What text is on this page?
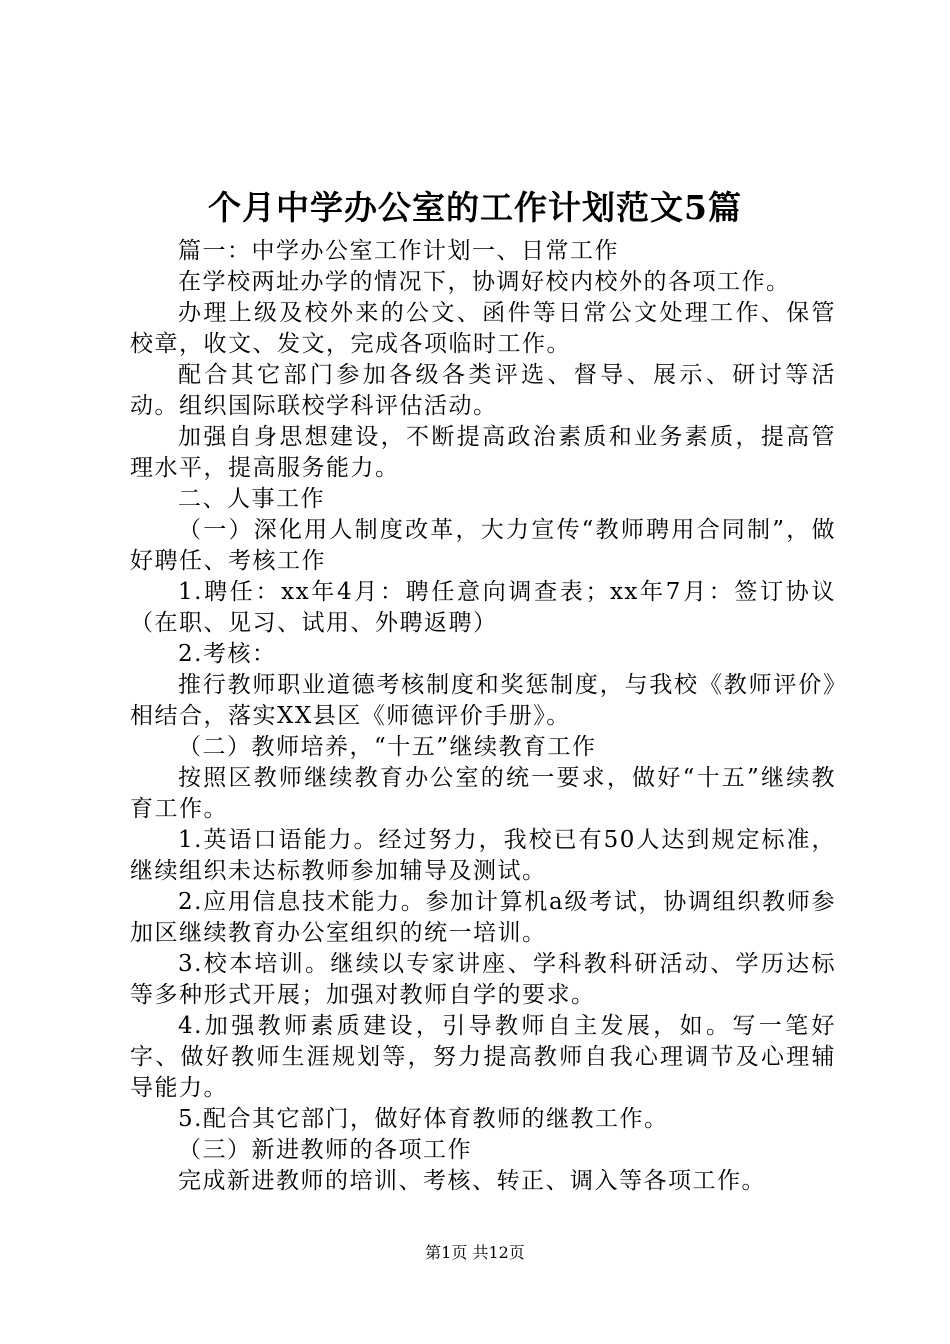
个月中学办公室的工作计划范文5篇

篇一：中学办公室工作计划一、日常工作

在学校两址办学的情况下，协调好校内校外的各项工作。

办理上级及校外来的公文、函件等日常公文处理工作、保管校章，收文、发文，完成各项临时工作。

配合其它部门参加各级各类评选、督导、展示、研讨等活动。组织国际联校学科评估活动。

加强自身思想建设，不断提高政治素质和业务素质，提高管理水平，提高服务能力。

二、人事工作

（一）深化用人制度改革，大力宣传“教师聘用合同制”，做好聘任、考核工作

1.聘任：xx年4月：聘任意向调查表；xx年7月：签订协议（在职、见习、试用、外聘返聘）

2.考核：

推行教师职业道德考核制度和奖惩制度，与我校《教师评价》相结合，落实XX县区《师德评价手册》。

（二）教师培养，“十五”继续教育工作

按照区教师继续教育办公室的统一要求，做好“十五”继续教育工作。

1.英语口语能力。经过努力，我校已有50人达到规定标准，继续组织未达标教师参加辅导及测试。

2.应用信息技术能力。参加计算机a级考试，协调组织教师参加区继续教育办公室组织的统一培训。

3.校本培训。继续以专家讲座、学科教科研活动、学历达标等多种形式开展；加强对教师自学的要求。

4.加强教师素质建设，引导教师自主发展，如。写一笔好字、做好教师生涯规划等，努力提高教师自我心理调节及心理辅导能力。

5.配合其它部门，做好体育教师的继教工作。

（三）新进教师的各项工作

完成新进教师的培训、考核、转正、调入等各项工作。

第1页 共12页
